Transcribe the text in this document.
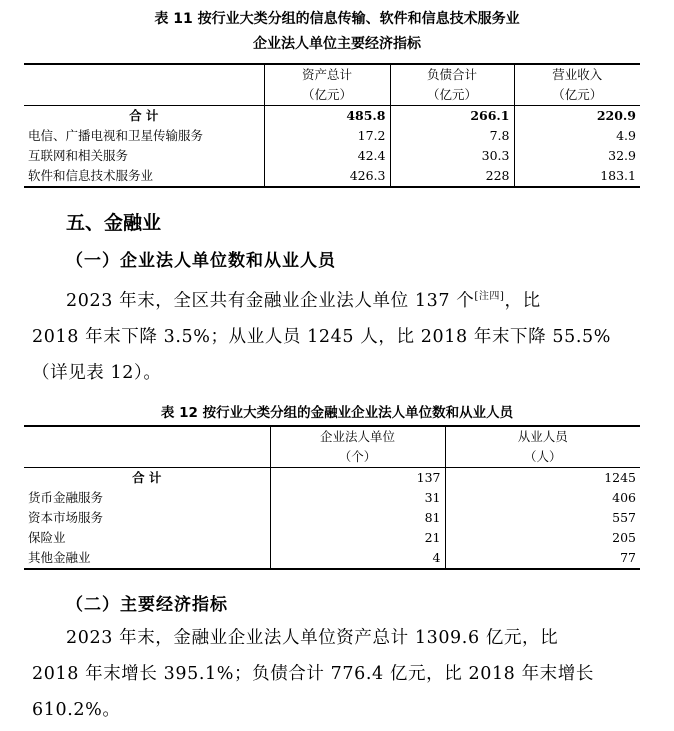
表 11 按行业大类分组的信息传输、软件和信息技术服务业
企业法人单位主要经济指标
	资产总计	负债合计	营业收入
	（亿元）	（亿元）	（亿元）
合 计	485.8	266.1	220.9
电信、广播电视和卫星传输服务	17.2	7.8	4.9
互联网和相关服务	42.4	30.3	32.9
软件和信息技术服务业	426.3	228	183.1
五、金融业
（一）企业法人单位数和从业人员
2023 年末，全区共有金融业企业法人单位 137 个[注四]，比
2018 年末下降 3.5%；从业人员 1245 人，比 2018 年末下降 55.5%
（详见表 12）。
表 12 按行业大类分组的金融业企业法人单位数和从业人员
	企业法人单位	从业人员
	（个）	（人）
合 计	137	1245
货币金融服务	31	406
资本市场服务	81	557
保险业	21	205
其他金融业	4	77
（二）主要经济指标
2023 年末，金融业企业法人单位资产总计 1309.6 亿元，比
2018 年末增长 395.1%；负债合计 776.4 亿元，比 2018 年末增长
610.2%。
